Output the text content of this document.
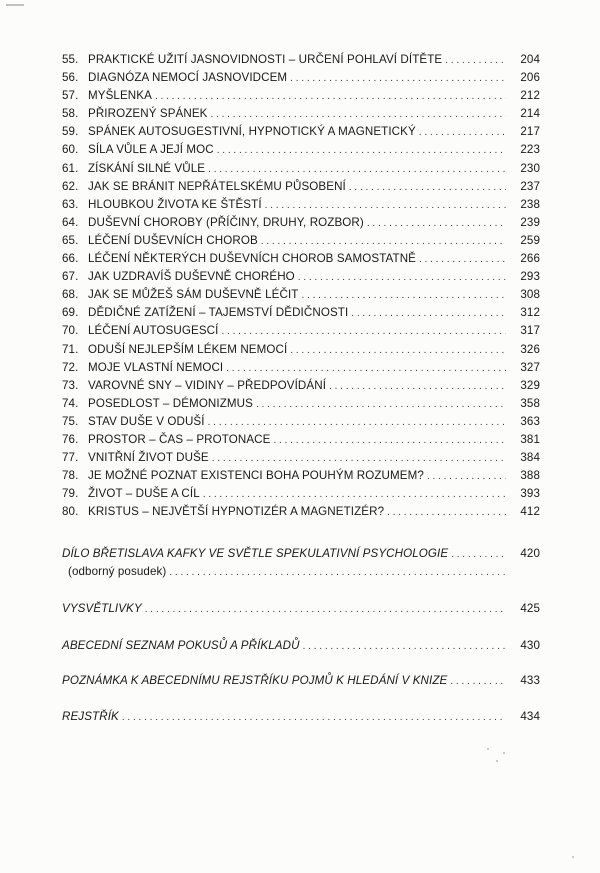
55. PRAKTICKÉ UŽITÍ JASNOVIDNOSTI – URČENÍ POHLAVÍ DÍTĚTE . . .	204
56. DIAGNÓZA NEMOCÍ JASNOVIDCEM . . .	206
57. MYŠLENKA . . .	212
58. PŘIROZENÝ SPÁNEK . . .	214
59. SPÁNEK AUTOSUGESTIVNÍ, HYPNOTICKÝ A MAGNETICKÝ . . .	217
60. SÍLA VŮLE A JEJÍ MOC . . .	223
61. ZÍSKÁNÍ SILNÉ VŮLE . . .	230
62. JAK SE BRÁNIT NEPŘÁTELSKÉMU PŮSOBENÍ . . .	237
63. HLOUBKOU ŽIVOTA KE ŠTĚSTÍ . . .	238
64. DUŠEVNÍ CHOROBY (PŘÍČINY, DRUHY, ROZBOR) . . .	239
65. LÉČENÍ DUŠEVNÍCH CHOROB . . .	259
66. LÉČENÍ NĚKTERÝCH DUŠEVNÍCH CHOROB SAMOSTATNĚ . . .	266
67. JAK UZDRAVÍŠ DUŠEVNĚ CHORÉHO . . .	293
68. JAK SE MŮŽEŠ SÁM DUŠEVNĚ LÉČIT . . .	308
69. DĚDIČNÉ ZATÍŽENÍ – TAJEMSTVÍ DĚDIČNOSTI . . .	312
70. LÉČENÍ AUTOSUGESCÍ . . .	317
71. ODUŠÍ NEJLEPŠÍM LÉKEM NEMOCÍ . . .	326
72. MOJE VLASTNÍ NEMOCI . . .	327
73. VAROVNÉ SNY – VIDINY – PŘEDPOVÍDÁNÍ . . .	329
74. POSEDLOST – DÉMONIZMUS . . .	358
75. STAV DUŠE V ODUŠÍ . . .	363
76. PROSTOR – ČAS – PROTONACE . . .	381
77. VNITŘNÍ ŽIVOT DUŠE . . .	384
78. JE MOŽNÉ POZNAT EXISTENCI BOHA POUHÝM ROZUMEM? . . .	388
79. ŽIVOT – DUŠE A CÍL . . .	393
80. KRISTUS – NEJVĚTŠÍ HYPNOTIZÉR A MAGNETIZÉR? . . .	412
DÍLO BŘETISLAVA KAFKY VE SVĚTLE SPEKULATIVNÍ PSYCHOLOGIE . . .	420
(odborný posudek)
. . .
VYSVĚTLIVKY . . .	425
ABECEDNÍ SEZNAM POKUSŮ A PŘÍKLADŮ . . .	430
POZNÁMKA K ABECEDNÍMU REJSTŘÍKU POJMŮ K HLEDÁNÍ V KNIZE . . .	433
REJSTŘÍK . . .	434
